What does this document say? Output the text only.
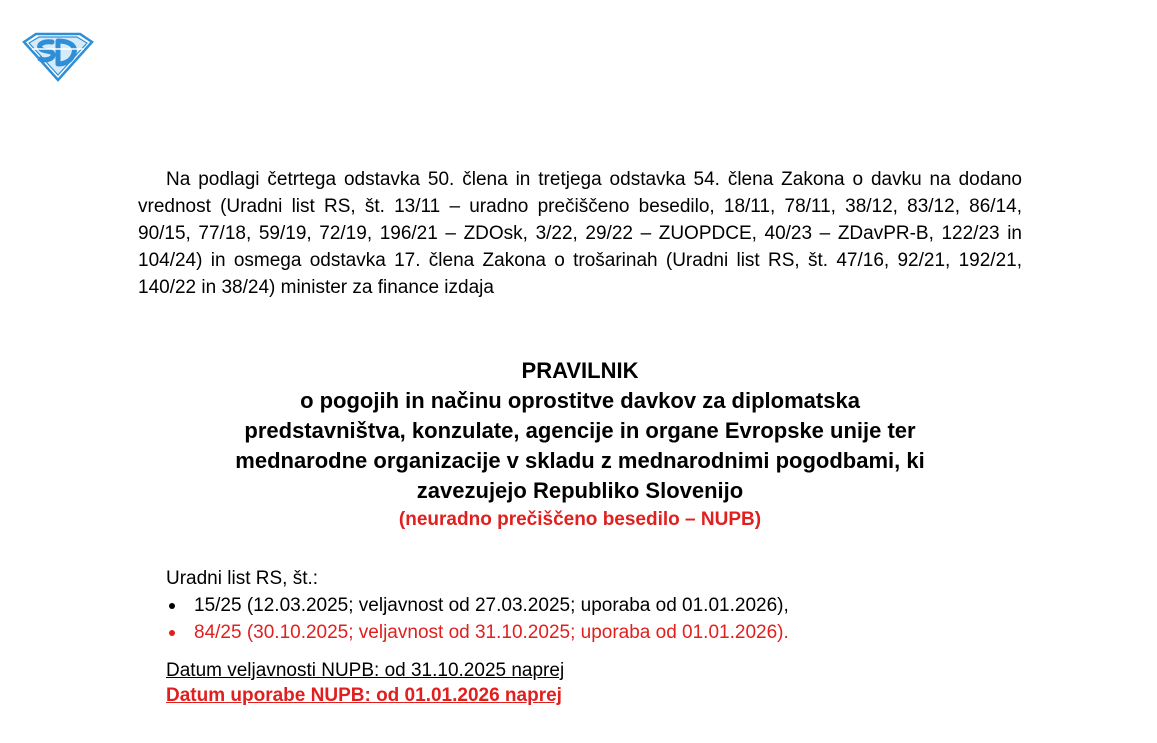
Na podlagi četrtega odstavka 50. člena in tretjega odstavka 54. člena Zakona o davku na dodano vrednost (Uradni list RS, št. 13/11 – uradno prečiščeno besedilo, 18/11, 78/11, 38/12, 83/12, 86/14, 90/15, 77/18, 59/19, 72/19, 196/21 – ZDOsk, 3/22, 29/22 – ZUOPDCE, 40/23 – ZDavPR-B, 122/23 in 104/24) in osmega odstavka 17. člena Zakona o trošarinah (Uradni list RS, št. 47/16, 92/21, 192/21, 140/22 in 38/24) minister za finance izdaja

PRAVILNIK
o pogojih in načinu oprostitve davkov za diplomatska
predstavništva, konzulate, agencije in organe Evropske unije ter
mednarodne organizacije v skladu z mednarodnimi pogodbami, ki
zavezujejo Republiko Slovenijo
(neuradno prečiščeno besedilo – NUPB)
Uradni list RS, št.:
15/25 (12.03.2025; veljavnost od 27.03.2025; uporaba od 01.01.2026),
84/25 (30.10.2025; veljavnost od 31.10.2025; uporaba od 01.01.2026).
Datum veljavnosti NUPB: od 31.10.2025 naprej
Datum uporabe NUPB: od 01.01.2026 naprej
